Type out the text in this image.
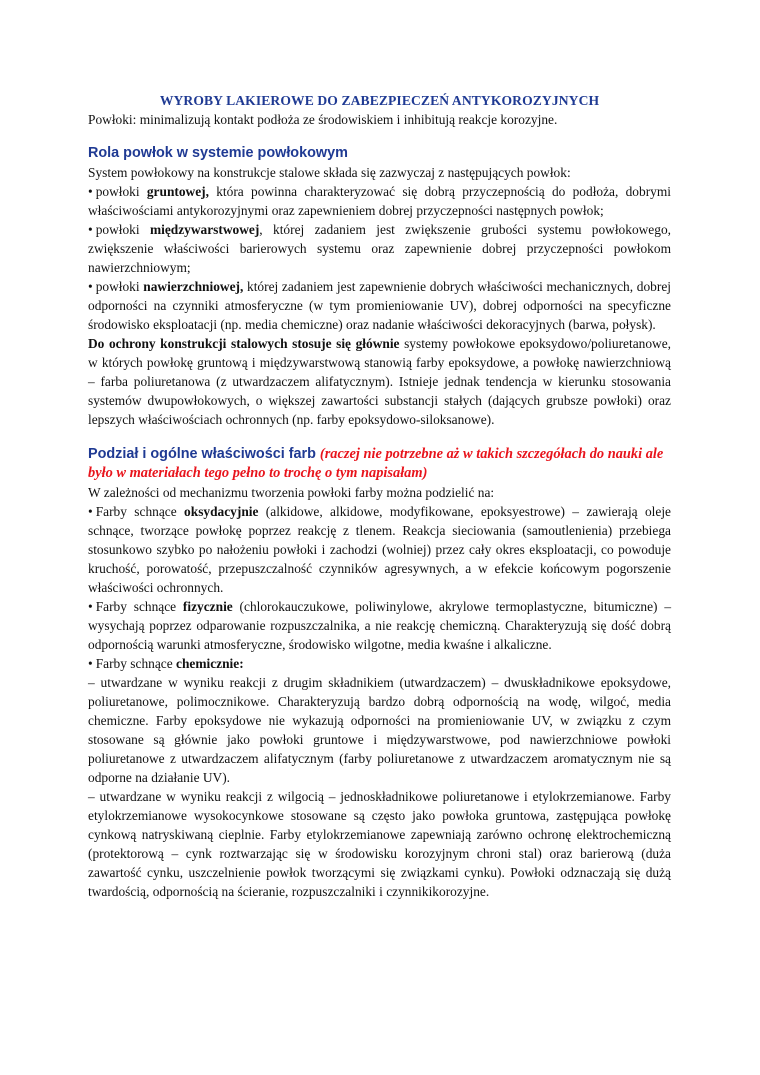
WYROBY LAKIEROWE DO ZABEZPIECZEŃ ANTYKOROZYJNYCH

Powłoki: minimalizują kontakt podłoża ze środowiskiem i inhibitują reakcje korozyjne.

Rola powłok w systemie powłokowym

System powłokowy na konstrukcje stalowe składa się zazwyczaj z następujących powłok:

• powłoki gruntowej, która powinna charakteryzować się dobrą przyczepnością do podłoża, dobrymi właściwościami antykorozyjnymi oraz zapewnieniem dobrej przyczepności następnych powłok;

• powłoki międzywarstwowej, której zadaniem jest zwiększenie grubości systemu powłokowego, zwiększenie właściwości barierowych systemu oraz zapewnienie dobrej przyczepności powłokom nawierzchniowym;

• powłoki nawierzchniowej, której zadaniem jest zapewnienie dobrych właściwości mechanicznych, dobrej odporności na czynniki atmosferyczne (w tym promieniowanie UV), dobrej odporności na specyficzne środowisko eksploatacji (np. media chemiczne) oraz nadanie właściwości dekoracyjnych (barwa, połysk).

Do ochrony konstrukcji stalowych stosuje się głównie systemy powłokowe epoksydowo/poliuretanowe, w których powłokę gruntową i międzywarstwową stanowią farby epoksydowe, a powłokę nawierzchniową – farba poliuretanowa (z utwardzaczem alifatycznym). Istnieje jednak tendencja w kierunku stosowania systemów dwupowłokowych, o większej zawartości substancji stałych (dających grubsze powłoki) oraz lepszych właściwościach ochronnych (np. farby epoksydowo-siloksanowe).

Podział i ogólne właściwości farb (raczej nie potrzebne aż w takich szczegółach do nauki ale było w materiałach tego pełno to trochę o tym napisałam)

W zależności od mechanizmu tworzenia powłoki farby można podzielić na:

• Farby schnące oksydacyjnie (alkidowe, alkidowe, modyfikowane, epoksyestrowe) – zawierają oleje schnące, tworzące powłokę poprzez reakcję z tlenem. Reakcja sieciowania (samoutlenienia) przebiega stosunkowo szybko po nałożeniu powłoki i zachodzi (wolniej) przez cały okres eksploatacji, co powoduje kruchość, porowatość, przepuszczalność czynników agresywnych, a w efekcie końcowym pogorszenie właściwości ochronnych.

• Farby schnące fizycznie (chlorokauczukowe, poliwinylowe, akrylowe termoplastyczne, bitumiczne) – wysychają poprzez odparowanie rozpuszczalnika, a nie reakcję chemiczną. Charakteryzują się dość dobrą odpornością warunki atmosferyczne, środowisko wilgotne, media kwaśne i alkaliczne.

• Farby schnące chemicznie:

– utwardzane w wyniku reakcji z drugim składnikiem (utwardzaczem) – dwuskładnikowe epoksydowe, poliuretanowe, polimocznikowe. Charakteryzują bardzo dobrą odpornością na wodę, wilgoć, media chemiczne. Farby epoksydowe nie wykazują odporności na promieniowanie UV, w związku z czym stosowane są głównie jako powłoki gruntowe i międzywarstwowe, pod nawierzchniowe powłoki poliuretanowe z utwardzaczem alifatycznym (farby poliuretanowe z utwardzaczem aromatycznym nie są odporne na działanie UV).

– utwardzane w wyniku reakcji z wilgocią – jednoskładnikowe poliuretanowe i etylokrzemianowe. Farby etylokrzemianowe wysokocynkowe stosowane są często jako powłoka gruntowa, zastępująca powłokę cynkową natryskiwaną cieplnie. Farby etylokrzemianowe zapewniają zarówno ochronę elektrochemiczną (protektorową – cynk roztwarzając się w środowisku korozyjnym chroni stal) oraz barierową (duża zawartość cynku, uszczelnienie powłok tworzącymi się związkami cynku). Powłoki odznaczają się dużą twardością, odpornością na ścieranie, rozpuszczalniki i czynnikikorozyjne.
